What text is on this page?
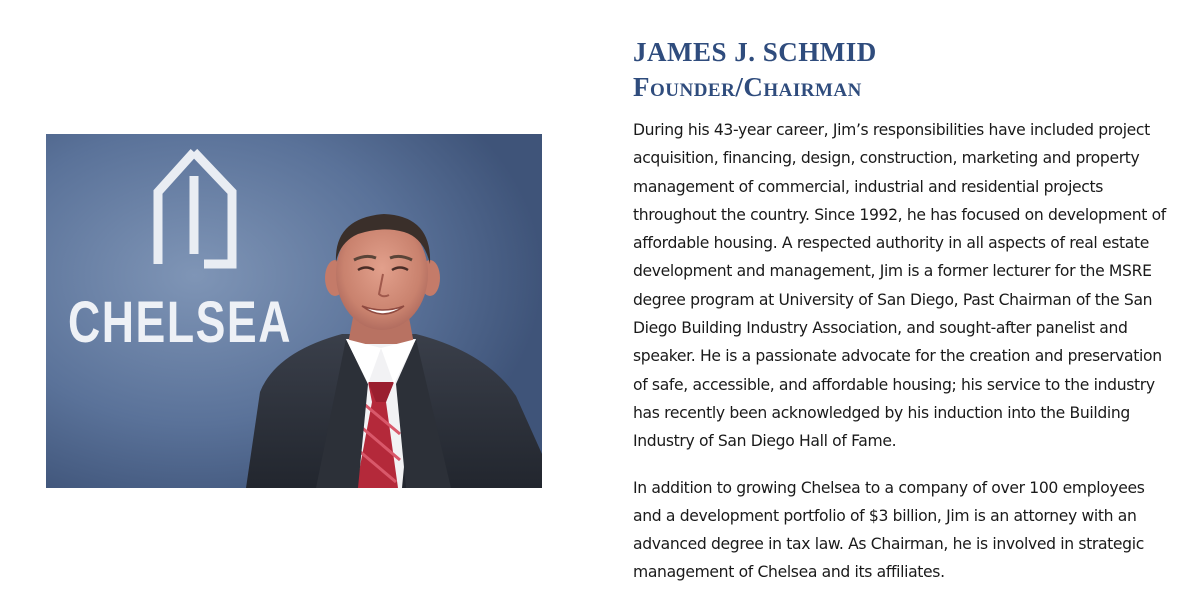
CHELSEA
JAMES J. SCHMID
Founder/Chairman

During his 43-year career, Jim’s responsibilities have included project acquisition, financing, design, construction, marketing and property management of commercial, industrial and residential projects throughout the country. Since 1992, he has focused on development of affordable housing. A respected authority in all aspects of real estate development and management, Jim is a former lecturer for the MSRE degree program at University of San Diego, Past Chairman of the San Diego Building Industry Association, and sought-after panelist and speaker. He is a passionate advocate for the creation and preservation of safe, accessible, and affordable housing; his service to the industry has recently been acknowledged by his induction into the Building Industry of San Diego Hall of Fame.

In addition to growing Chelsea to a company of over 100 employees and a development portfolio of $3 billion, Jim is an attorney with an advanced degree in tax law. As Chairman, he is involved in strategic management of Chelsea and its affiliates.
